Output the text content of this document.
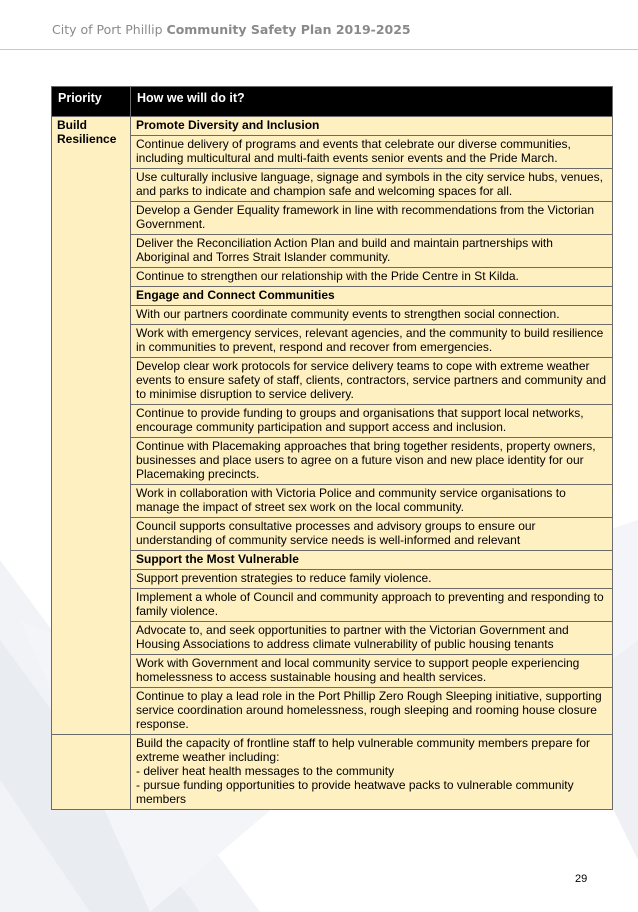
City of Port Phillip Community Safety Plan 2019-2025
Priority	How we will do it?
Build Resilience	Promote Diversity and Inclusion
	Continue delivery of programs and events that celebrate our diverse communities, including multicultural and multi-faith events senior events and the Pride March.
	Use culturally inclusive language, signage and symbols in the city service hubs, venues, and parks to indicate and champion safe and welcoming spaces for all.
	Develop a Gender Equality framework in line with recommendations from the Victorian Government.
	Deliver the Reconciliation Action Plan and build and maintain partnerships with Aboriginal and Torres Strait Islander community.
	Continue to strengthen our relationship with the Pride Centre in St Kilda.
	Engage and Connect Communities
	With our partners coordinate community events to strengthen social connection.
	Work with emergency services, relevant agencies, and the community to build resilience in communities to prevent, respond and recover from emergencies.
	Develop clear work protocols for service delivery teams to cope with extreme weather events to ensure safety of staff, clients, contractors, service partners and community and to minimise disruption to service delivery.
	Continue to provide funding to groups and organisations that support local networks, encourage community participation and support access and inclusion.
	Continue with Placemaking approaches that bring together residents, property owners, businesses and place users to agree on a future vison and new place identity for our Placemaking precincts.
	Work in collaboration with Victoria Police and community service organisations to manage the impact of street sex work on the local community.
	Council supports consultative processes and advisory groups to ensure our understanding of community service needs is well-informed and relevant
	Support the Most Vulnerable
	Support prevention strategies to reduce family violence.
	Implement a whole of Council and community approach to preventing and responding to family violence.
	Advocate to, and seek opportunities to partner with the Victorian Government and Housing Associations to address climate vulnerability of public housing tenants
	Work with Government and local community service to support people experiencing homelessness to access sustainable housing and health services.
	Continue to play a lead role in the Port Phillip Zero Rough Sleeping initiative, supporting service coordination around homelessness, rough sleeping and rooming house closure response.

	Build the capacity of frontline staff to help vulnerable community members prepare for extreme weather including:
- deliver heat health messages to the community
- pursue funding opportunities to provide heatwave packs to vulnerable community members
29
